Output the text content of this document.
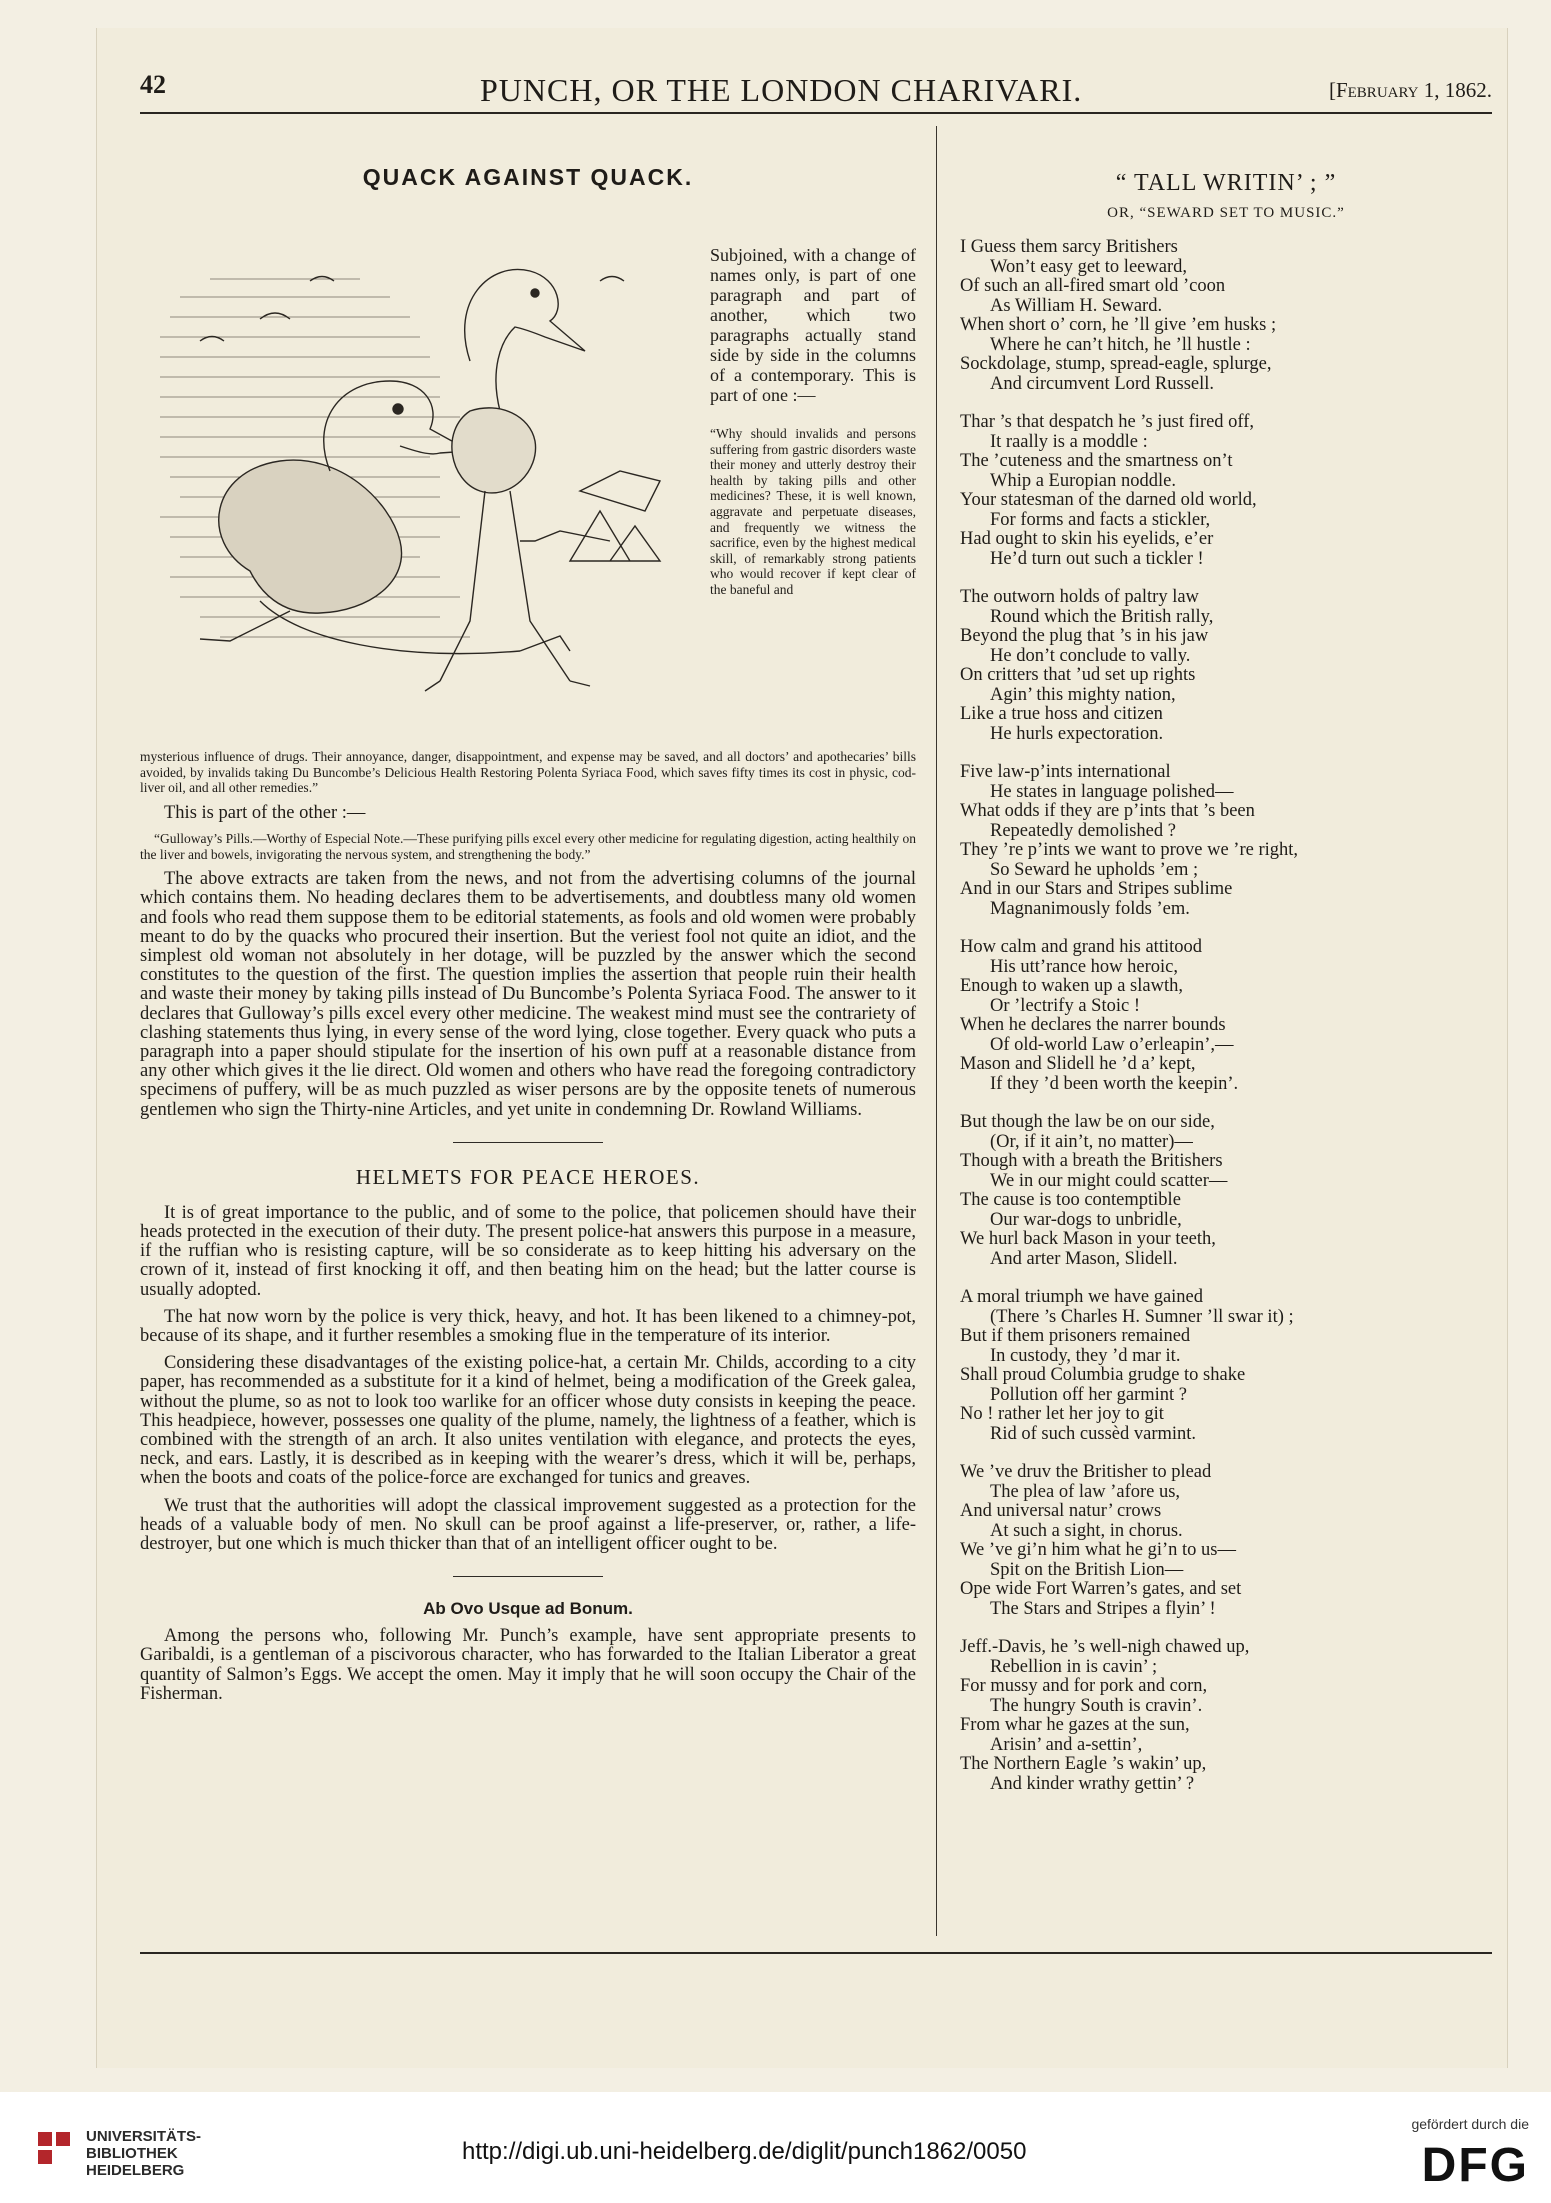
42	PUNCH, OR THE LONDON CHARIVARI.	[February 1, 1862.
QUACK AGAINST QUACK.
Subjoined, with a change of names only, is part of one paragraph and part of another, which two paragraphs actually stand side by side in the columns of a contemporary. This is part of one :—
“Why should invalids and persons suffering from gastric disorders waste their money and utterly destroy their health by taking pills and other medicines? These, it is well known, aggravate and perpetuate diseases, and frequently we witness the sacrifice, even by the highest medical skill, of remarkably strong patients who would recover if kept clear of the baneful and

mysterious influence of drugs. Their annoyance, danger, disappointment, and expense may be saved, and all doctors’ and apothecaries’ bills avoided, by invalids taking Du Buncombe’s Delicious Health Restoring Polenta Syriaca Food, which saves fifty times its cost in physic, cod-liver oil, and all other remedies.”

This is part of the other :—

“Gulloway’s Pills.—Worthy of Especial Note.—These purifying pills excel every other medicine for regulating digestion, acting healthily on the liver and bowels, invigorating the nervous system, and strengthening the body.”

The above extracts are taken from the news, and not from the advertising columns of the journal which contains them. No heading declares them to be advertisements, and doubtless many old women and fools who read them suppose them to be editorial statements, as fools and old women were probably meant to do by the quacks who procured their insertion. But the veriest fool not quite an idiot, and the simplest old woman not absolutely in her dotage, will be puzzled by the answer which the second constitutes to the question of the first. The question implies the assertion that people ruin their health and waste their money by taking pills instead of Du Buncombe’s Polenta Syriaca Food. The answer to it declares that Gulloway’s pills excel every other medicine. The weakest mind must see the contrariety of clashing statements thus lying, in every sense of the word lying, close together. Every quack who puts a paragraph into a paper should stipulate for the insertion of his own puff at a reasonable distance from any other which gives it the lie direct. Old women and others who have read the foregoing contradictory specimens of puffery, will be as much puzzled as wiser persons are by the opposite tenets of numerous gentlemen who sign the Thirty-nine Articles, and yet unite in condemning Dr. Rowland Williams.

HELMETS FOR PEACE HEROES.

It is of great importance to the public, and of some to the police, that policemen should have their heads protected in the execution of their duty. The present police-hat answers this purpose in a measure, if the ruffian who is resisting capture, will be so considerate as to keep hitting his adversary on the crown of it, instead of first knocking it off, and then beating him on the head; but the latter course is usually adopted.

The hat now worn by the police is very thick, heavy, and hot. It has been likened to a chimney-pot, because of its shape, and it further resembles a smoking flue in the temperature of its interior.

Considering these disadvantages of the existing police-hat, a certain Mr. Childs, according to a city paper, has recommended as a substitute for it a kind of helmet, being a modification of the Greek galea, without the plume, so as not to look too warlike for an officer whose duty consists in keeping the peace. This headpiece, however, possesses one quality of the plume, namely, the lightness of a feather, which is combined with the strength of an arch. It also unites ventilation with elegance, and protects the eyes, neck, and ears. Lastly, it is described as in keeping with the wearer’s dress, which it will be, perhaps, when the boots and coats of the police-force are exchanged for tunics and greaves.

We trust that the authorities will adopt the classical improvement suggested as a protection for the heads of a valuable body of men. No skull can be proof against a life-preserver, or, rather, a life-destroyer, but one which is much thicker than that of an intelligent officer ought to be.

Ab Ovo Usque ad Bonum.

Among the persons who, following Mr. Punch’s example, have sent appropriate presents to Garibaldi, is a gentleman of a piscivorous character, who has forwarded to the Italian Liberator a great quantity of Salmon’s Eggs. We accept the omen. May it imply that he will soon occupy the Chair of the Fisherman.

“ TALL WRITIN’ ; ”
OR, “SEWARD SET TO MUSIC.”
I Guess them sarcy Britishers
Won’t easy get to leeward,
Of such an all-fired smart old ’coon
As William H. Seward.
When short o’ corn, he ’ll give ’em husks ;
Where he can’t hitch, he ’ll hustle :
Sockdolage, stump, spread-eagle, splurge,
And circumvent Lord Russell.
Thar ’s that despatch he ’s just fired off,
It raally is a moddle :
The ’cuteness and the smartness on’t
Whip a Europian noddle.
Your statesman of the darned old world,
For forms and facts a stickler,
Had ought to skin his eyelids, e’er
He’d turn out such a tickler !
The outworn holds of paltry law
Round which the British rally,
Beyond the plug that ’s in his jaw
He don’t conclude to vally.
On critters that ’ud set up rights
Agin’ this mighty nation,
Like a true hoss and citizen
He hurls expectoration.
Five law-p’ints international
He states in language polished—
What odds if they are p’ints that ’s been
Repeatedly demolished ?
They ’re p’ints we want to prove we ’re right,
So Seward he upholds ’em ;
And in our Stars and Stripes sublime
Magnanimously folds ’em.
How calm and grand his attitood
His utt’rance how heroic,
Enough to waken up a slawth,
Or ’lectrify a Stoic !
When he declares the narrer bounds
Of old-world Law o’erleapin’,—
Mason and Slidell he ’d a’ kept,
If they ’d been worth the keepin’.
But though the law be on our side,
(Or, if it ain’t, no matter)—
Though with a breath the Britishers
We in our might could scatter—
The cause is too contemptible
Our war-dogs to unbridle,
We hurl back Mason in your teeth,
And arter Mason, Slidell.
A moral triumph we have gained
(There ’s Charles H. Sumner ’ll swar it) ;
But if them prisoners remained
In custody, they ’d mar it.
Shall proud Columbia grudge to shake
Pollution off her garmint ?
No ! rather let her joy to git
Rid of such cussèd varmint.
We ’ve druv the Britisher to plead
The plea of law ’afore us,
And universal natur’ crows
At such a sight, in chorus.
We ’ve gi’n him what he gi’n to us—
Spit on the British Lion—
Ope wide Fort Warren’s gates, and set
The Stars and Stripes a flyin’ !
Jeff.-Davis, he ’s well-nigh chawed up,
Rebellion in is cavin’ ;
For mussy and for pork and corn,
The hungry South is cravin’.
From whar he gazes at the sun,
Arisin’ and a-settin’,
The Northern Eagle ’s wakin’ up,
And kinder wrathy gettin’ ?
UNIVERSITÄTS-
BIBLIOTHEK
HEIDELBERG
http://digi.ub.uni-heidelberg.de/diglit/punch1862/0050
gefördert durch die
DFG
